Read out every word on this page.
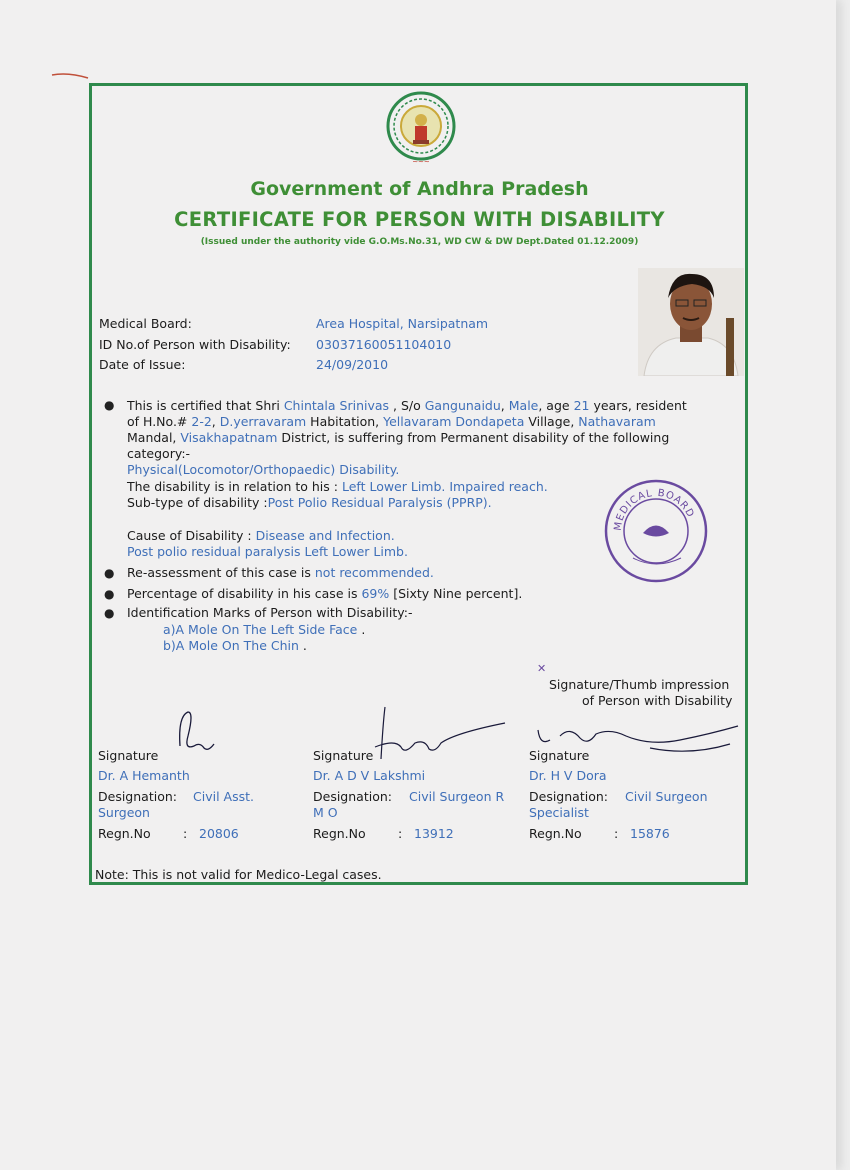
~~~
Government of Andhra Pradesh
CERTIFICATE FOR PERSON WITH DISABILITY
(Issued under the authority vide G.O.Ms.No.31, WD CW & DW Dept.Dated 01.12.2009)
Medical Board:	Area Hospital, Narsipatnam
ID No.of Person with Disability: 03037160051104010
Date of Issue:	24/09/2010
● This is certified that Shri Chintala Srinivas , S/o Gangunaidu, Male, age 21 years, resident
of H.No.# 2-2, D.yerravaram Habitation, Yellavaram Dondapeta Village, Nathavaram
Mandal, Visakhapatnam District, is suffering from Permanent disability of the following
category:-
Physical(Locomotor/Orthopaedic) Disability.
The disability is in relation to his : Left Lower Limb. Impaired reach.
Sub-type of disability :Post Polio Residual Paralysis (PPRP).
Cause of Disability : Disease and Infection.
Post polio residual paralysis Left Lower Limb.
● Re-assessment of this case is not recommended.
● Percentage of disability in his case is 69% [Sixty Nine percent].
● Identification Marks of Person with Disability:-
a)A Mole On The Left Side Face .
b)A Mole On The Chin .
MEDICAL BOARD
✕
Signature/Thumb impression
of Person with Disability
Signature
Dr. A Hemanth
Designation: Civil Asst.
Surgeon
Regn.No	: 20806
Signature
Dr. A D V Lakshmi
Designation: Civil Surgeon R
M O
Regn.No	: 13912
Signature
Dr. H V Dora
Designation: Civil Surgeon
Specialist
Regn.No	: 15876
Note: This is not valid for Medico-Legal cases.
